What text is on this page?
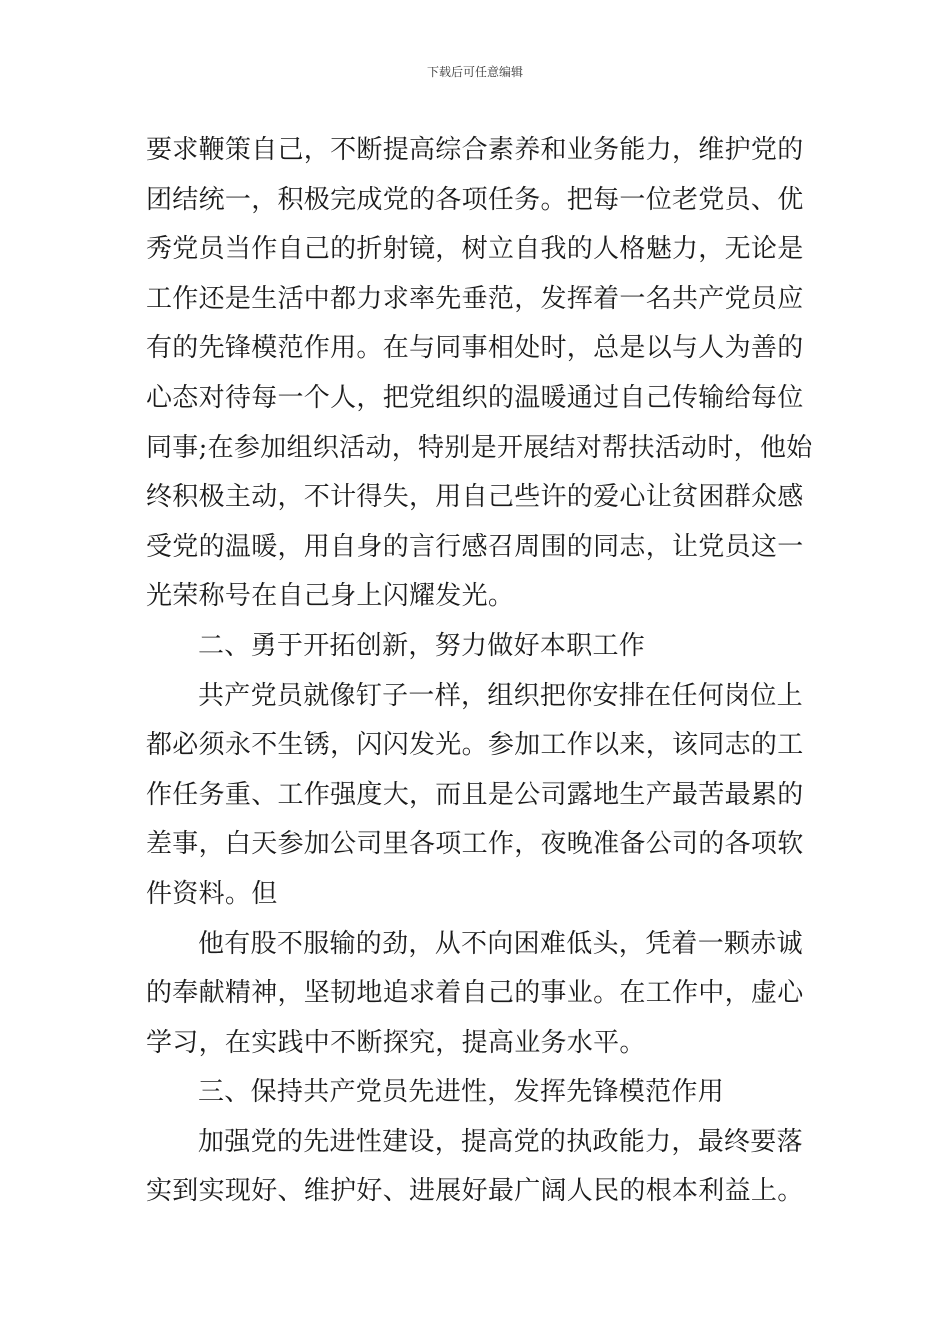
下载后可任意编辑
要求鞭策自己，不断提高综合素养和业务能力，维护党的
团结统一，积极完成党的各项任务。把每一位老党员、优
秀党员当作自己的折射镜，树立自我的人格魅力，无论是
工作还是生活中都力求率先垂范，发挥着一名共产党员应
有的先锋模范作用。在与同事相处时，总是以与人为善的
心态对待每一个人，把党组织的温暖通过自己传输给每位
同事;在参加组织活动，特别是开展结对帮扶活动时，他始
终积极主动，不计得失，用自己些许的爱心让贫困群众感
受党的温暖，用自身的言行感召周围的同志，让党员这一
光荣称号在自己身上闪耀发光。
二、勇于开拓创新，努力做好本职工作
共产党员就像钉子一样，组织把你安排在任何岗位上
都必须永不生锈，闪闪发光。参加工作以来，该同志的工
作任务重、工作强度大，而且是公司露地生产最苦最累的
差事，白天参加公司里各项工作，夜晚准备公司的各项软
件资料。但
他有股不服输的劲，从不向困难低头，凭着一颗赤诚
的奉献精神，坚韧地追求着自己的事业。在工作中，虚心
学习，在实践中不断探究，提高业务水平。
三、保持共产党员先进性，发挥先锋模范作用
加强党的先进性建设，提高党的执政能力，最终要落
实到实现好、维护好、进展好最广阔人民的根本利益上。
